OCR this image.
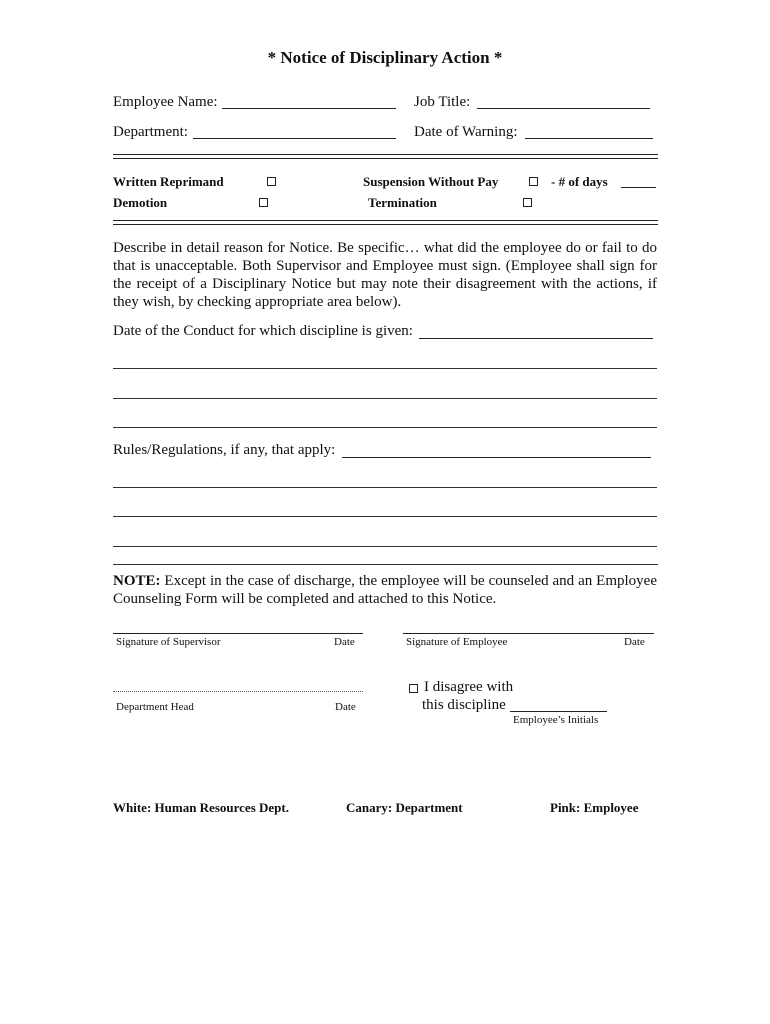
* Notice of Disciplinary Action *
Employee Name:	Job Title:
Department:	Date of Warning:
Written Reprimand	Suspension Without Pay	- # of days
Demotion	Termination
Describe in detail reason for Notice. Be specific… what did the employee do or fail to do that is unacceptable. Both Supervisor and Employee must sign. (Employee shall sign for the receipt of a Disciplinary Notice but may note their disagreement with the actions, if they wish, by checking appropriate area below).
Date of the Conduct for which discipline is given:
Rules/Regulations, if any, that apply:
NOTE: Except in the case of discharge, the employee will be counseled and an Employee Counseling Form will be completed and attached to this Notice.
Signature of Supervisor	Date	Signature of Employee	Date
Department Head	Date
I disagree with
this discipline
Employee’s Initials
White: Human Resources Dept.	Canary: Department	Pink: Employee
